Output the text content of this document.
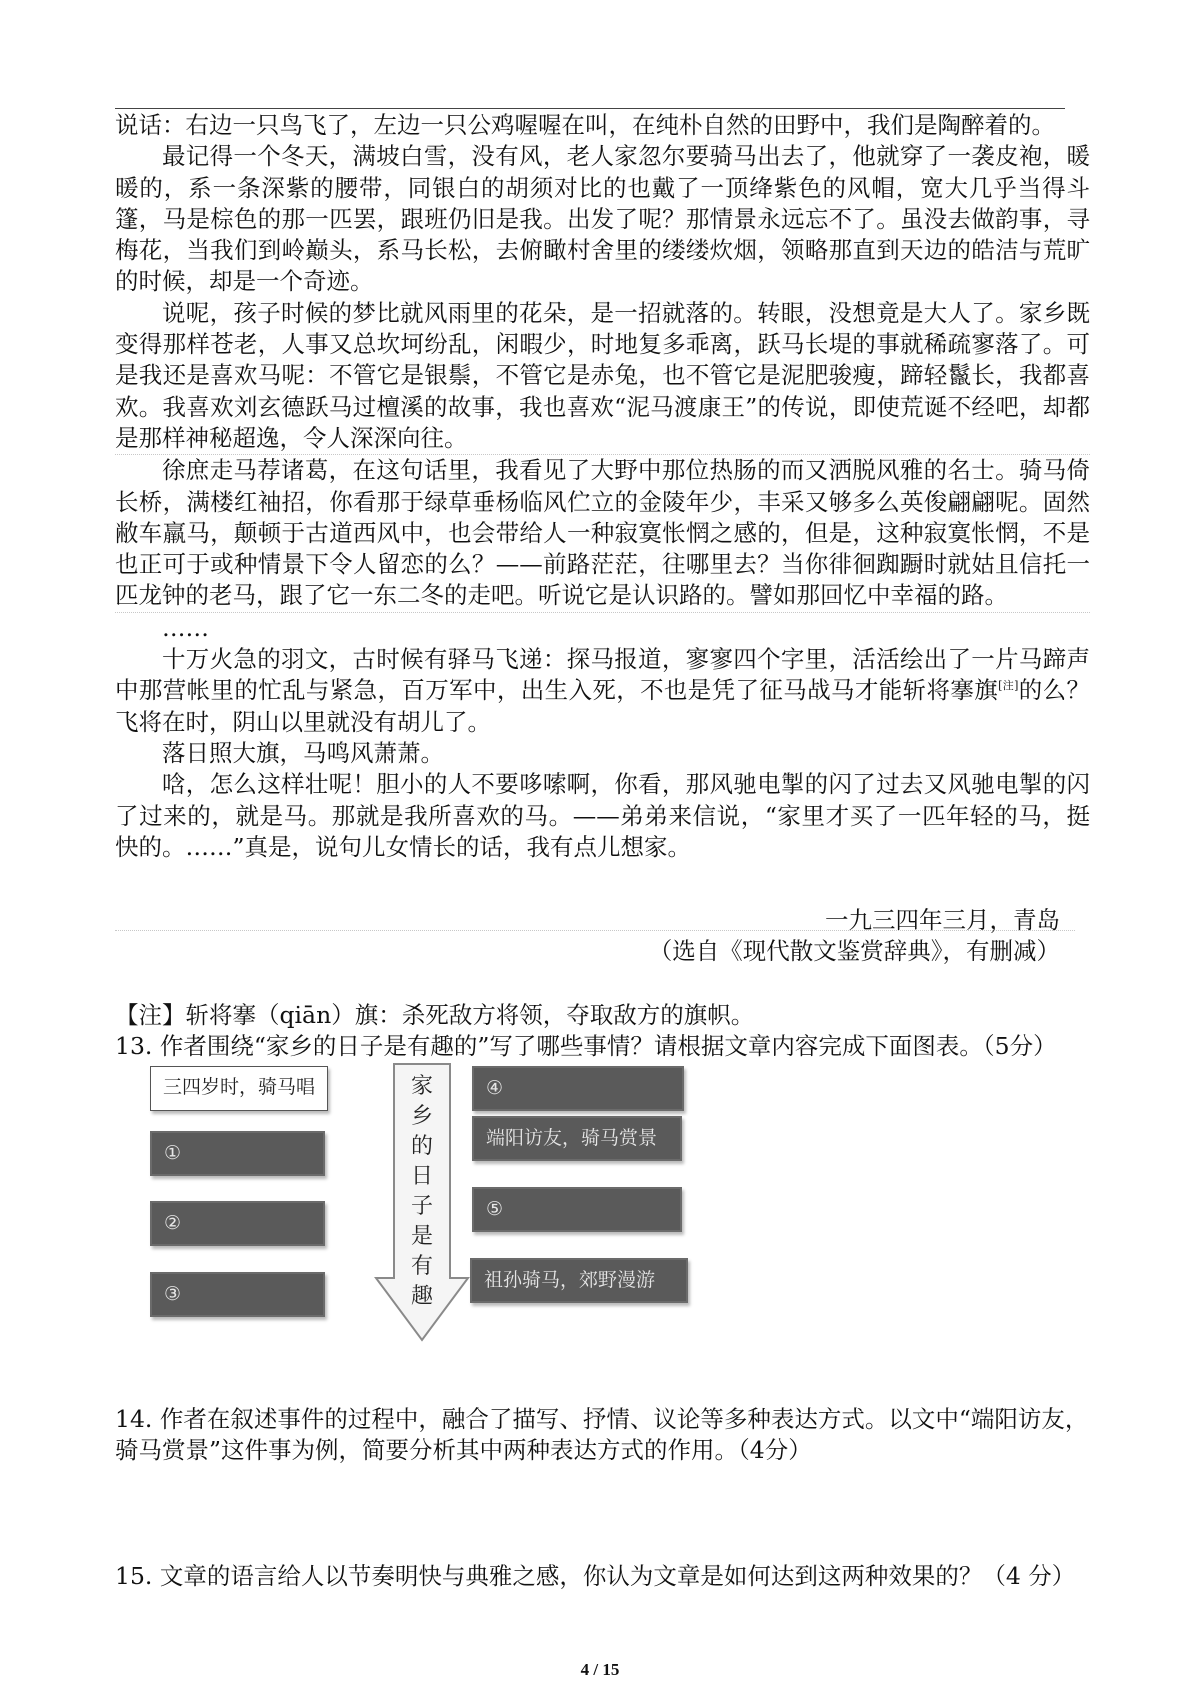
说话：右边一只鸟飞了，左边一只公鸡喔喔在叫，在纯朴自然的田野中，我们是陶醉着的。

最记得一个冬天，满坡白雪，没有风，老人家忽尔要骑马出去了，他就穿了一袭皮袍，暖暖的，系一条深紫的腰带，同银白的胡须对比的也戴了一顶绛紫色的风帽，宽大几乎当得斗篷，马是棕色的那一匹罢，跟班仍旧是我。出发了呢？那情景永远忘不了。虽没去做韵事，寻梅花，当我们到岭巅头，系马长松，去俯瞰村舍里的缕缕炊烟，领略那直到天边的皓洁与荒旷的时候，却是一个奇迹。

说呢，孩子时候的梦比就风雨里的花朵，是一招就落的。转眼，没想竟是大人了。家乡既变得那样苍老，人事又总坎坷纷乱，闲暇少，时地复多乖离，跃马长堤的事就稀疏寥落了。可是我还是喜欢马呢：不管它是银鬃，不管它是赤兔，也不管它是泥肥骏瘦，蹄轻鬣长，我都喜欢。我喜欢刘玄德跃马过檀溪的故事，我也喜欢“泥马渡康王”的传说，即使荒诞不经吧，却都是那样神秘超逸，令人深深向往。

徐庶走马荐诸葛，在这句话里，我看见了大野中那位热肠的而又洒脱风雅的名士。骑马倚长桥，满楼红袖招，你看那于绿草垂杨临风伫立的金陵年少，丰采又够多么英俊翩翩呢。固然敝车羸马，颠顿于古道西风中，也会带给人一种寂寞怅惘之感的，但是，这种寂寞怅惘，不是也正可于或种情景下令人留恋的么？——前路茫茫，往哪里去？当你徘徊踟蹰时就姑且信托一匹龙钟的老马，跟了它一东二冬的走吧。听说它是认识路的。譬如那回忆中幸福的路。

……

十万火急的羽文，古时候有驿马飞递：探马报道，寥寥四个字里，活活绘出了一片马蹄声中那营帐里的忙乱与紧急，百万军中，出生入死，不也是凭了征马战马才能斩将搴旗[注]的么？飞将在时，阴山以里就没有胡儿了。

落日照大旗，马鸣风萧萧。

唅，怎么这样壮呢！胆小的人不要哆嗦啊，你看，那风驰电掣的闪了过去又风驰电掣的闪了过来的，就是马。那就是我所喜欢的马。——弟弟来信说，“家里才买了一匹年轻的马，挺快的。……”真是，说句儿女情长的话，我有点儿想家。

一九三四年三月，青岛
（选自《现代散文鉴赏辞典》，有删减）

【注】斩将搴（qiān）旗：杀死敌方将领，夺取敌方的旗帜。

13. 作者围绕“家乡的日子是有趣的”写了哪些事情？请根据文章内容完成下面图表。（5分）

三四岁时，骑马唱
①
②
③
家
乡
的
日
子
是
有
趣
④
端阳访友，骑马赏景
⑤
祖孙骑马，郊野漫游

14. 作者在叙述事件的过程中，融合了描写、抒情、议论等多种表达方式。以文中“端阳访友，骑马赏景”这件事为例，简要分析其中两种表达方式的作用。（4分）

15. 文章的语言给人以节奏明快与典雅之感，你认为文章是如何达到这两种效果的？（4 分）

4 / 15
